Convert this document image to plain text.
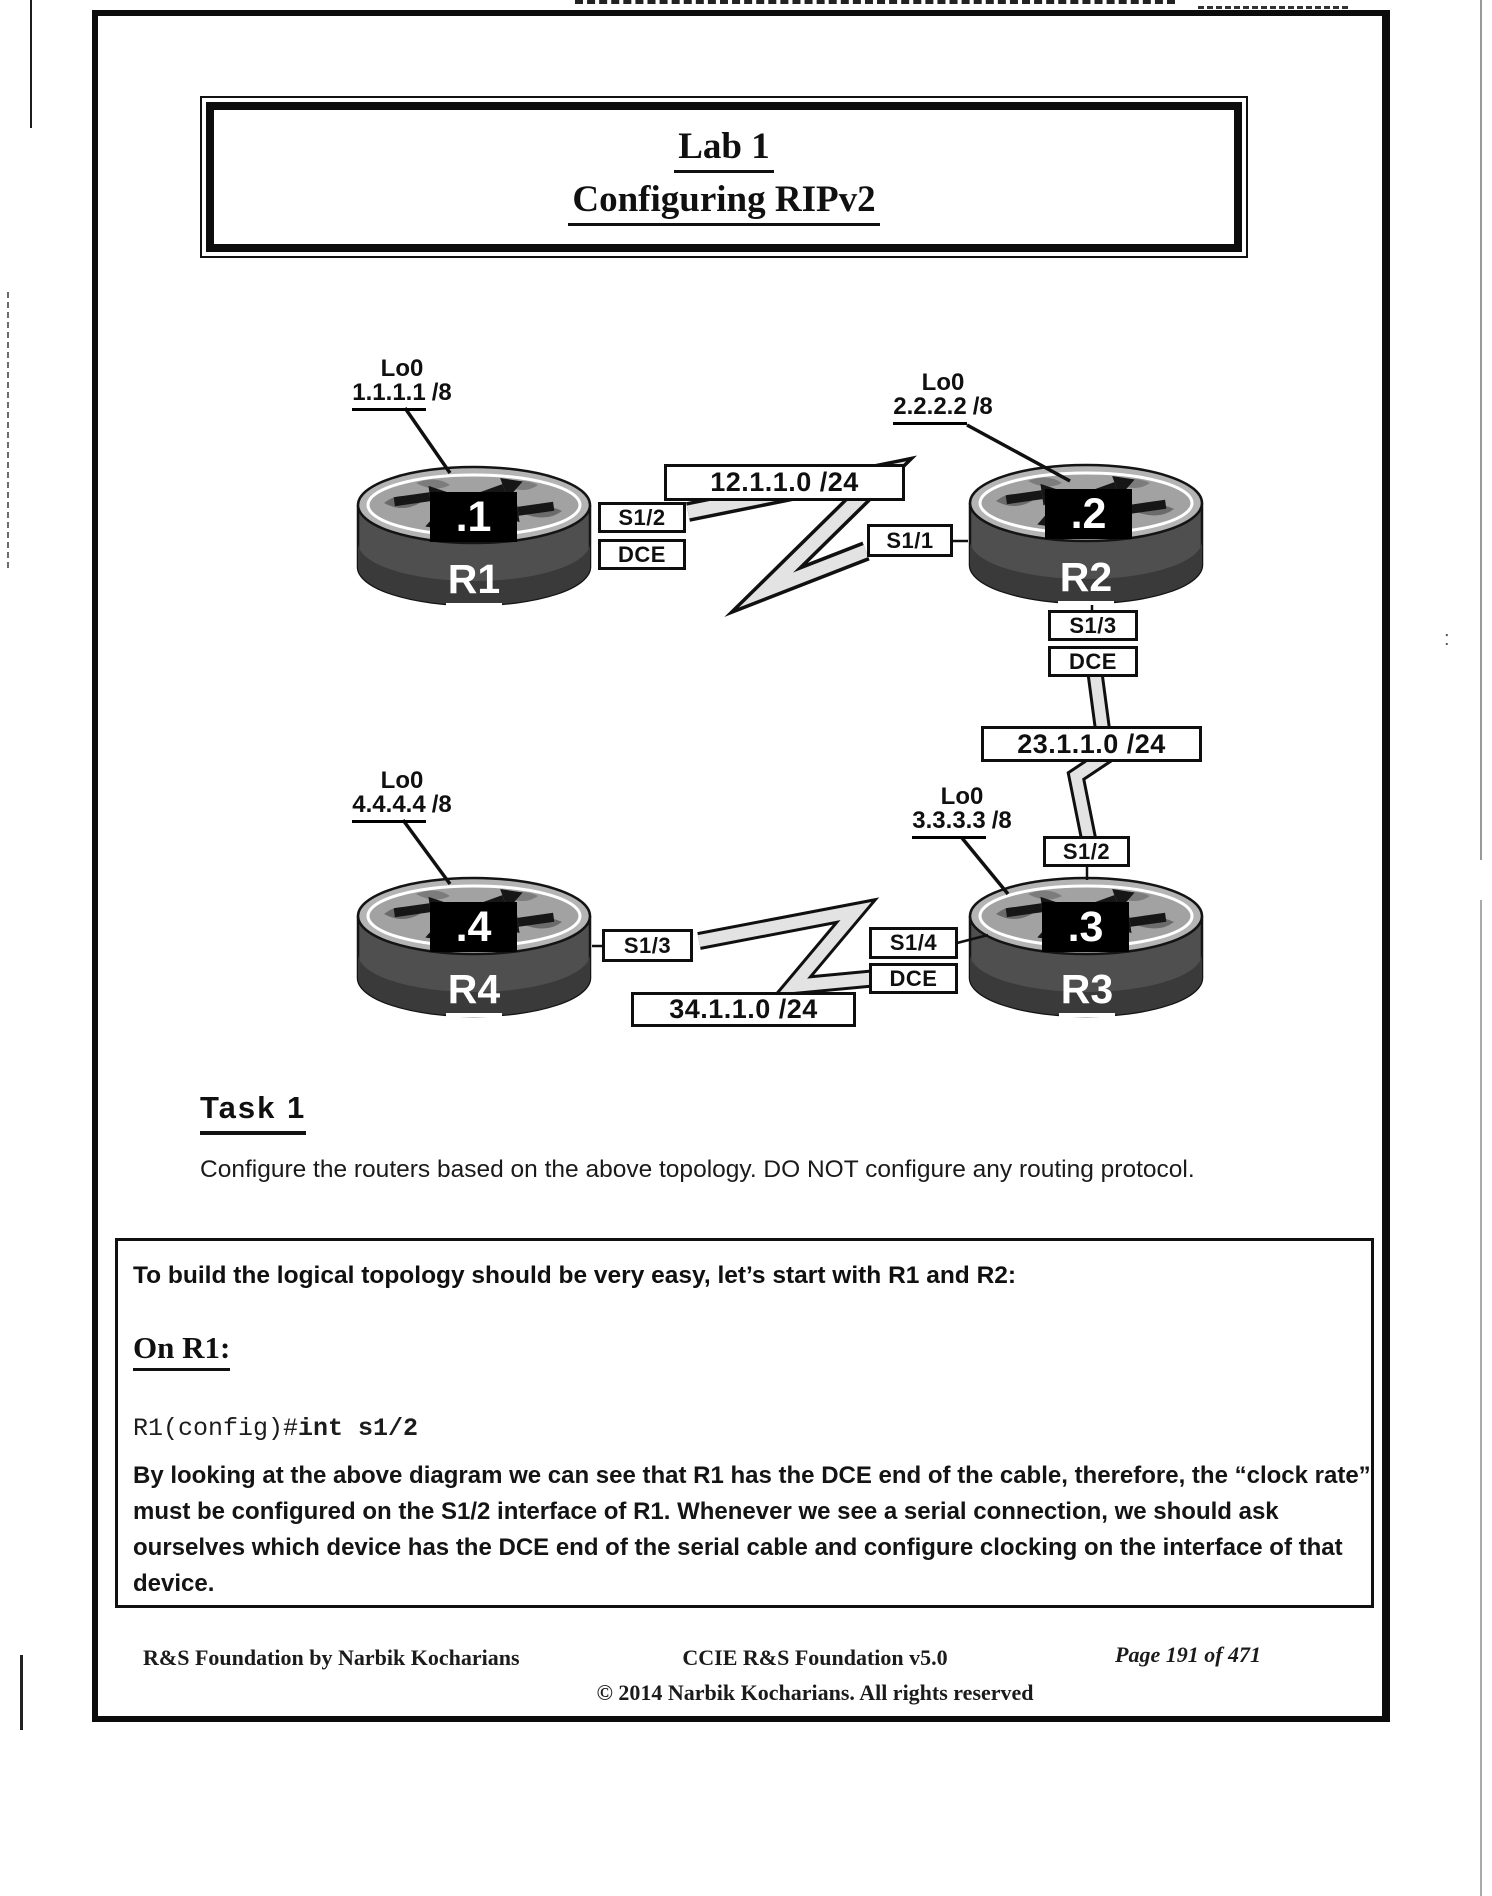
:
Lab 1
Configuring RIPv2
.1	.2
.3
.4
R1	R2
R3
R4
Lo0
1.1.1.1 /8	Lo0
2.2.2.2 /8
Lo0
3.3.3.3 /8
Lo0
4.4.4.4 /8
S1/2
DCE
12.1.1.0 /24
S1/1
S1/3
DCE
23.1.1.0 /24
S1/2
S1/3	S1/4
DCE
34.1.1.0 /24
Task 1
Configure the routers based on the above topology. DO NOT configure any routing protocol.
To build the logical topology should be very easy, let’s start with R1 and R2:
On R1:
R1(config)#int s1/2
By looking at the above diagram we can see that R1 has the DCE end of the cable, therefore, the “clock rate” must be configured on the S1/2 interface of R1. Whenever we see a serial connection, we should ask ourselves which device has the DCE end of the serial cable and configure clocking on the interface of that device.
R&S Foundation by Narbik Kocharians	CCIE R&S Foundation v5.0
© 2014 Narbik Kocharians. All rights reserved
Page 191 of 471
